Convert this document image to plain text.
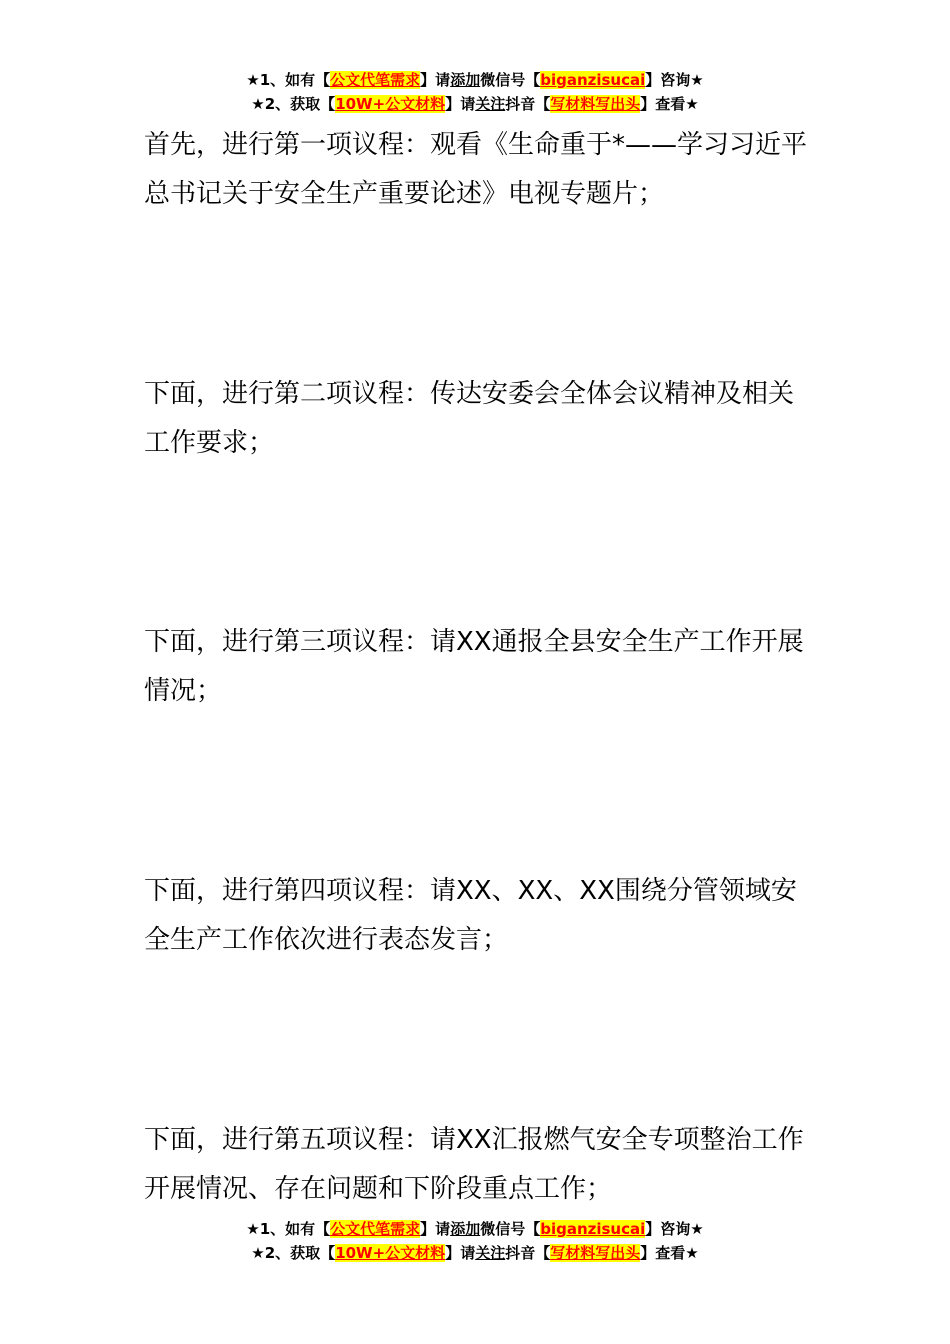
★1、如有【公文代笔需求】请添加微信号【biganzisucai】咨询★
★2、获取【10W+公文材料】请关注抖音【写材料写出头】查看★
首先，进行第一项议程：观看《生命重于*——学习习近平总书记关于安全生产重要论述》电视专题片；
下面，进行第二项议程：传达安委会全体会议精神及相关工作要求；
下面，进行第三项议程：请XX通报全县安全生产工作开展情况；
下面，进行第四项议程：请XX、XX、XX围绕分管领域安全生产工作依次进行表态发言；
下面，进行第五项议程：请XX汇报燃气安全专项整治工作开展情况、存在问题和下阶段重点工作；
★1、如有【公文代笔需求】请添加微信号【biganzisucai】咨询★
★2、获取【10W+公文材料】请关注抖音【写材料写出头】查看★
